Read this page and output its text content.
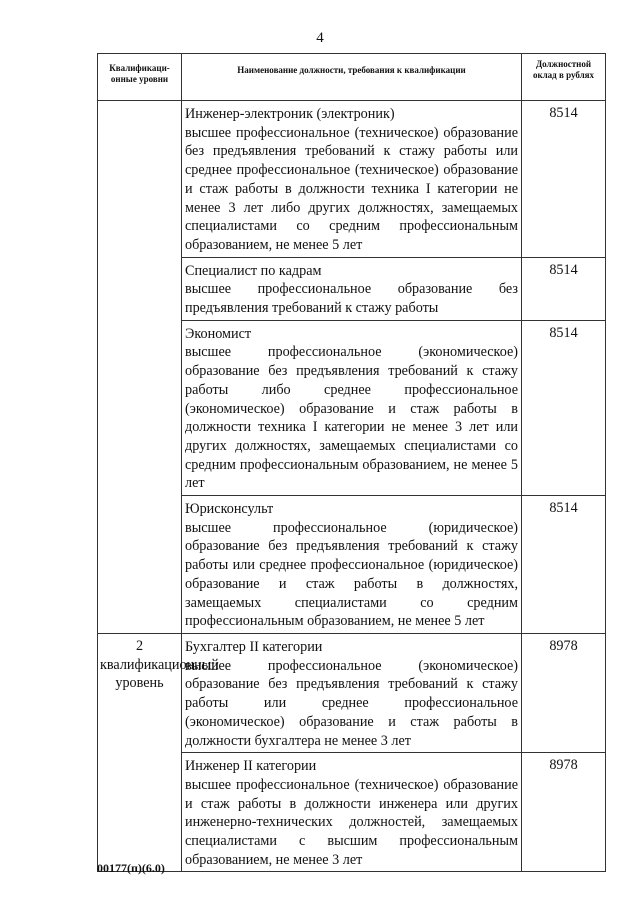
4
Квалификаци-онные уровни	Наименование должности, требования к квалификации	Должностной оклад в рублях

	Инженер-электроник (электроник)
высшее профессиональное (техническое) образование без предъявления требований к стажу работы или среднее профессиональное (техническое) образование и стаж работы в должности техника I категории не менее 3 лет либо других должностях, замещаемых специалистами со средним профессиональным образованием, не менее 5 лет	8514

	Специалист по кадрам
высшее профессиональное образование без предъявления требований к стажу работы	8514

	Экономист
высшее профессиональное (экономическое) образование без предъявления требований к стажу работы либо среднее профессиональное (экономическое) образование и стаж работы в должности техника I категории не менее 3 лет или других должностях, замещаемых специалистами со средним профессиональным образованием, не менее 5 лет	8514

	Юрисконсульт
высшее профессиональное (юридическое) образование без предъявления требований к стажу работы или среднее профессиональное (юридическое) образование и стаж работы в должностях, замещаемых специалистами со средним профессиональным образованием, не менее 5 лет	8514
2 квалификационный уровень	Бухгалтер II категории
высшее профессиональное (экономическое) образование без предъявления требований к стажу работы или среднее профессиональное (экономическое) образование и стаж работы в должности бухгалтера не менее 3 лет	8978

	Инженер II категории
высшее профессиональное (техническое) образование и стаж работы в должности инженера или других инженерно-технических должностей, замещаемых специалистами с высшим профессиональным образованием, не менее 3 лет	8978
00177(п)(6.0)
